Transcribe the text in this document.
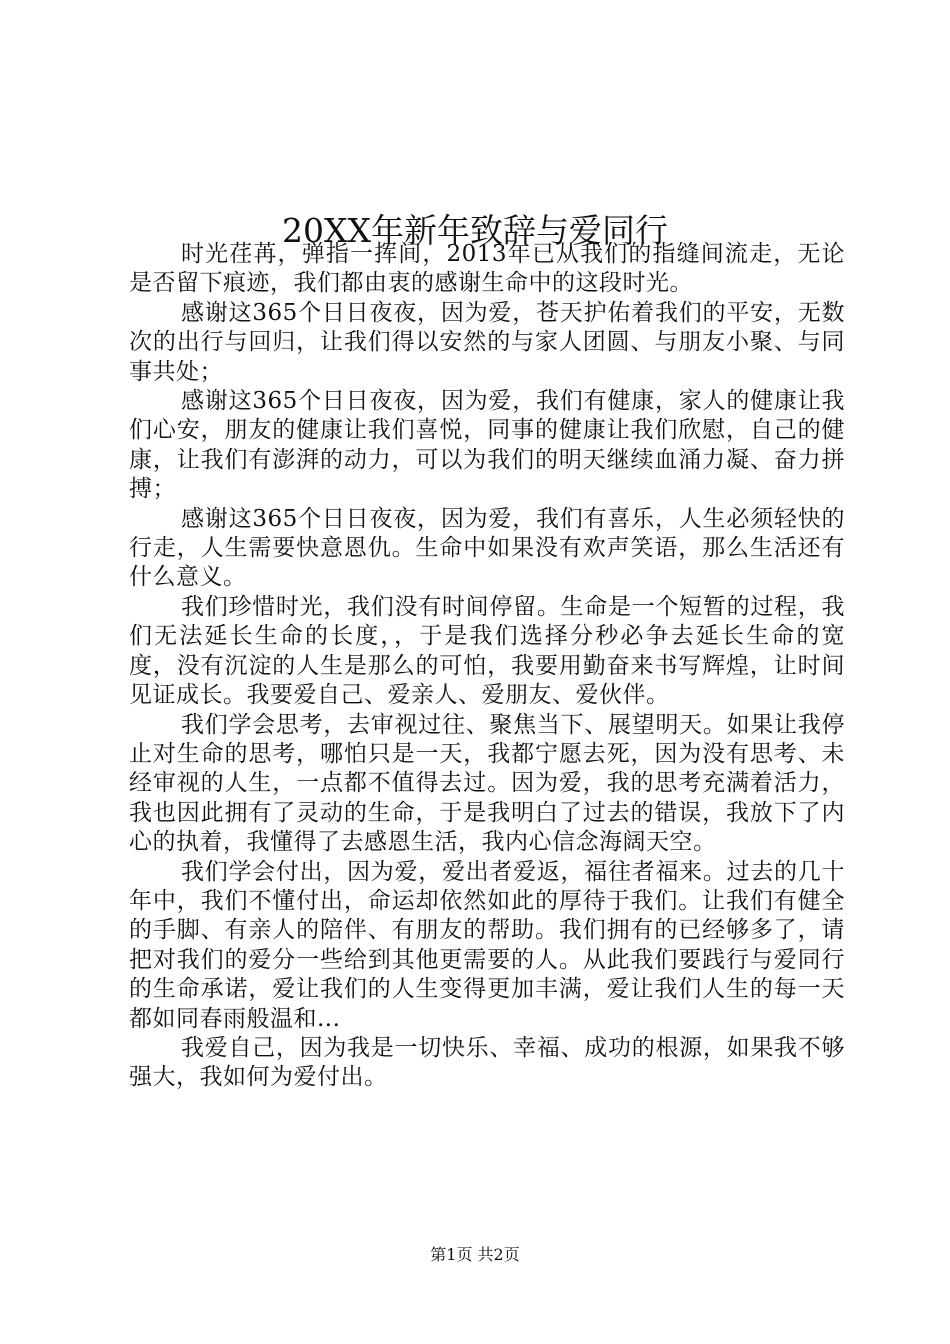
20XX年新年致辞与爱同行

时光荏苒，弹指一挥间，2013年已从我们的指缝间流走，无论是否留下痕迹，我们都由衷的感谢生命中的这段时光。

感谢这365个日日夜夜，因为爱，苍天护佑着我们的平安，无数次的出行与回归，让我们得以安然的与家人团圆、与朋友小聚、与同事共处；

感谢这365个日日夜夜，因为爱，我们有健康，家人的健康让我们心安，朋友的健康让我们喜悦，同事的健康让我们欣慰，自己的健康，让我们有澎湃的动力，可以为我们的明天继续血涌力凝、奋力拼搏；

感谢这365个日日夜夜，因为爱，我们有喜乐，人生必须轻快的行走，人生需要快意恩仇。生命中如果没有欢声笑语，那么生活还有什么意义。

我们珍惜时光，我们没有时间停留。生命是一个短暂的过程，我们无法延长生命的长度，，于是我们选择分秒必争去延长生命的宽度，没有沉淀的人生是那么的可怕，我要用勤奋来书写辉煌，让时间见证成长。我要爱自己、爱亲人、爱朋友、爱伙伴。

我们学会思考，去审视过往、聚焦当下、展望明天。如果让我停止对生命的思考，哪怕只是一天，我都宁愿去死，因为没有思考、未经审视的人生，一点都不值得去过。因为爱，我的思考充满着活力，我也因此拥有了灵动的生命，于是我明白了过去的错误，我放下了内心的执着，我懂得了去感恩生活，我内心信念海阔天空。

我们学会付出，因为爱，爱出者爱返，福往者福来。过去的几十年中，我们不懂付出，命运却依然如此的厚待于我们。让我们有健全的手脚、有亲人的陪伴、有朋友的帮助。我们拥有的已经够多了，请把对我们的爱分一些给到其他更需要的人。从此我们要践行与爱同行的生命承诺，爱让我们的人生变得更加丰满，爱让我们人生的每一天都如同春雨般温和...

我爱自己，因为我是一切快乐、幸福、成功的根源，如果我不够强大，我如何为爱付出。

第1页 共2页
